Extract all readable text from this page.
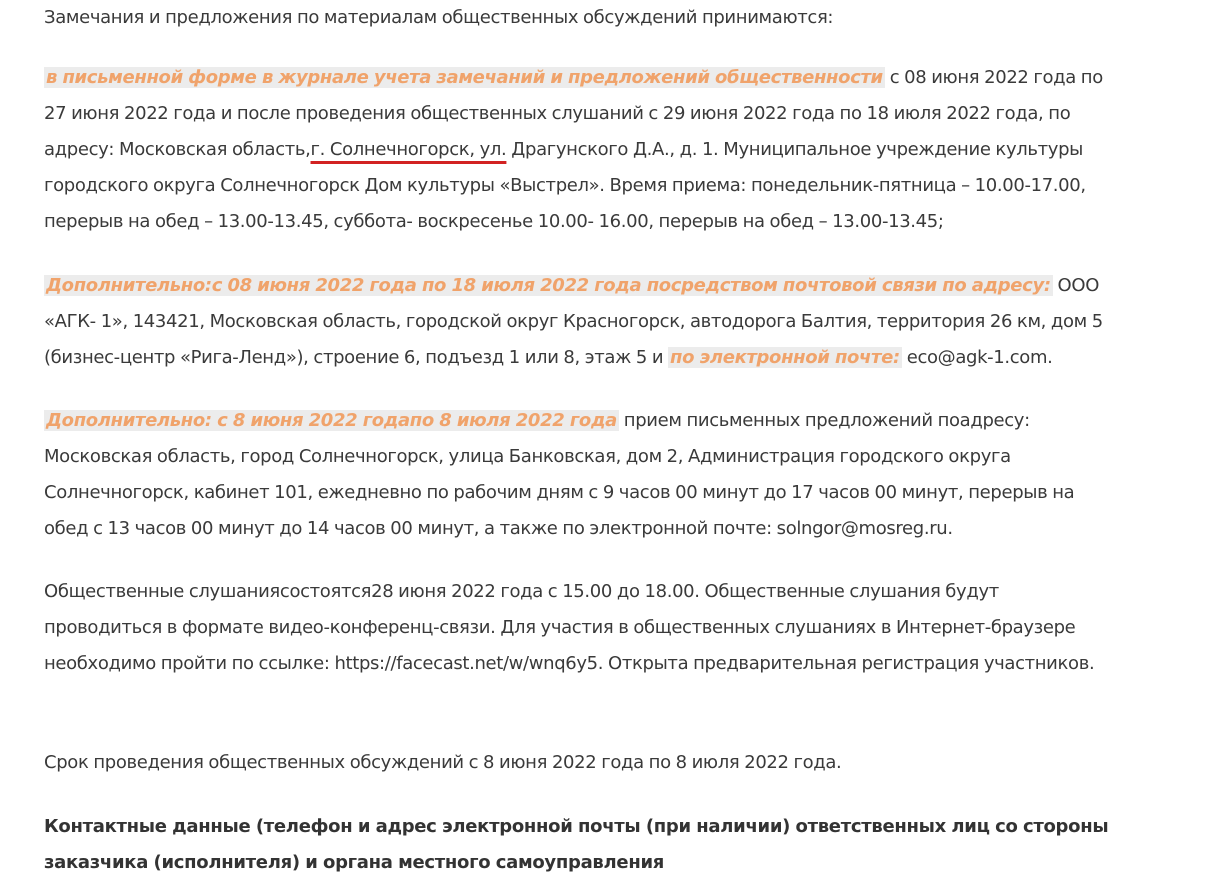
Замечания и предложения по материалам общественных обсуждений принимаются:

в письменной форме в журнале учета замечаний и предложений общественности с 08 июня 2022 года по 27 июня 2022 года и после проведения общественных слушаний с 29 июня 2022 года по 18 июля 2022 года, по адресу: Московская область,г. Солнечногорск, ул. Драгунского Д.А., д. 1. Муниципальное учреждение культуры городского округа Солнечногорск Дом культуры «Выстрел». Время приема: понедельник-пятница – 10.00-17.00, перерыв на обед – 13.00-13.45, суббота- воскресенье 10.00- 16.00, перерыв на обед – 13.00-13.45;

Дополнительно:с 08 июня 2022 года по 18 июля 2022 года посредством почтовой связи по адресу: ООО «АГК- 1», 143421, Московская область, городской округ Красногорск, автодорога Балтия, территория 26 км, дом 5 (бизнес-центр «Рига-Ленд»), строение 6, подъезд 1 или 8, этаж 5 и по электронной почте: eco@agk-1.com.

Дополнительно: с 8 июня 2022 годапо 8 июля 2022 года прием письменных предложений поадресу: Московская область, город Солнечногорск, улица Банковская, дом 2, Администрация городского округа Солнечногорск, кабинет 101, ежедневно по рабочим дням с 9 часов 00 минут до 17 часов 00 минут, перерыв на обед с 13 часов 00 минут до 14 часов 00 минут, а также по электронной почте: solngor@mosreg.ru.

Общественные слушаниясостоятся28 июня 2022 года с 15.00 до 18.00. Общественные слушания будут проводиться в формате видео-конференц-связи. Для участия в общественных слушаниях в Интернет-браузере необходимо пройти по ссылке: https://facecast.net/w/wnq6y5. Открыта предварительная регистрация участников.

Срок проведения общественных обсуждений с 8 июня 2022 года по 8 июля 2022 года.

Контактные данные (телефон и адрес электронной почты (при наличии) ответственных лиц со стороны заказчика (исполнителя) и органа местного самоуправления
